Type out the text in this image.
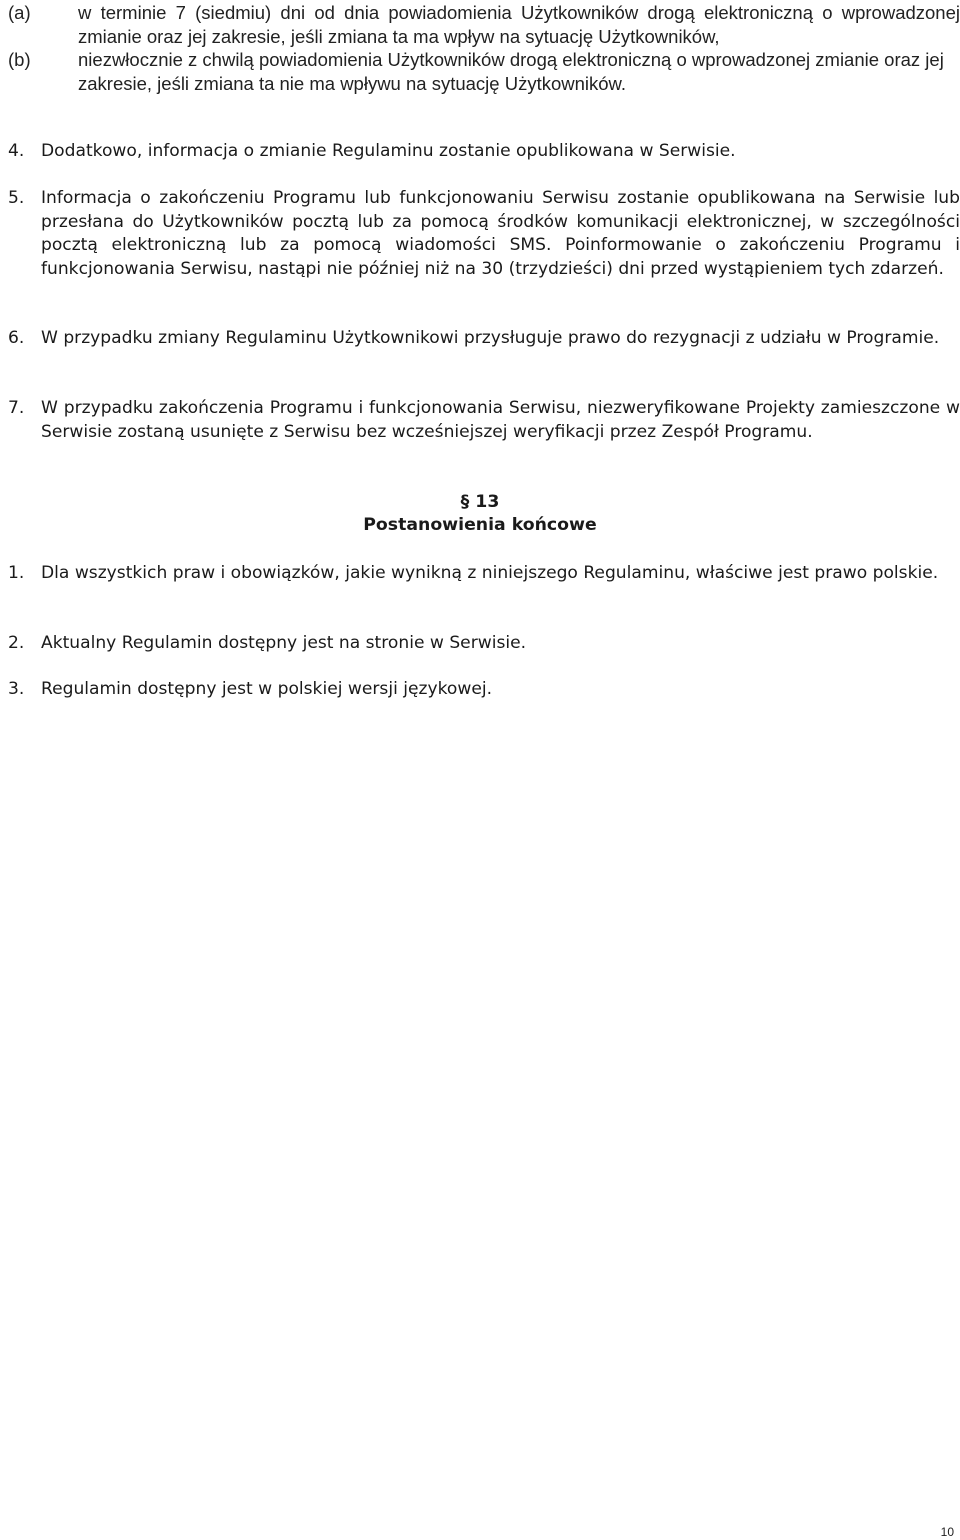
(a)	w terminie 7 (siedmiu) dni od dnia powiadomienia Użytkowników drogą elektroniczną o wprowadzonej zmianie oraz jej zakresie, jeśli zmiana ta ma wpływ na sytuację Użytkowników,
(b)	niezwłocznie z chwilą powiadomienia Użytkowników drogą elektroniczną o wprowadzonej zmianie oraz jej zakresie, jeśli zmiana ta nie ma wpływu na sytuację Użytkowników.
4. Dodatkowo, informacja o zmianie Regulaminu zostanie opublikowana w Serwisie.
5. Informacja o zakończeniu Programu lub funkcjonowaniu Serwisu zostanie opublikowana na Serwisie lub przesłana do Użytkowników pocztą lub za pomocą środków komunikacji elektronicznej, w szczególności pocztą elektroniczną lub za pomocą wiadomości SMS. Poinformowanie o zakończeniu Programu i funkcjonowania Serwisu, nastąpi nie później niż na 30 (trzydzieści) dni przed wystąpieniem tych zdarzeń.
6. W przypadku zmiany Regulaminu Użytkownikowi przysługuje prawo do rezygnacji z udziału w Programie.
7. W przypadku zakończenia Programu i funkcjonowania Serwisu, niezweryfikowane Projekty zamieszczone w Serwisie zostaną usunięte z Serwisu bez wcześniejszej weryfikacji przez Zespół Programu.
§ 13
Postanowienia końcowe
1. Dla wszystkich praw i obowiązków, jakie wynikną z niniejszego Regulaminu, właściwe jest prawo polskie.
2. Aktualny Regulamin dostępny jest na stronie w Serwisie.
3. Regulamin dostępny jest w polskiej wersji językowej.
10
